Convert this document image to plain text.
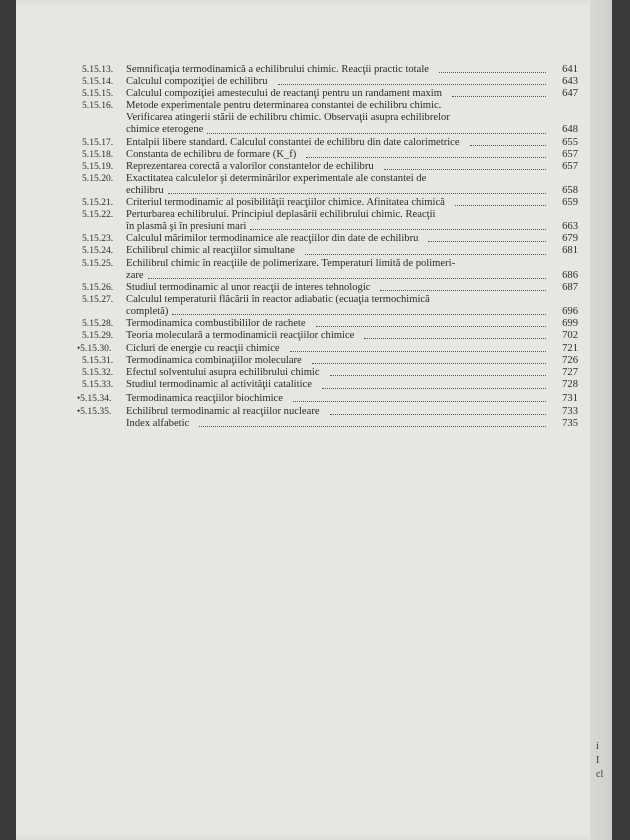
5.15.13.	Semnificaţia termodinamică a echilibrului chimic. Reacţii practic totale	641
5.15.14.	Calculul compoziţiei de echilibru	643
5.15.15.	Calculul compoziţiei amestecului de reactanţi pentru un randament maxim	647
5.15.16.	Metode experimentale pentru determinarea constantei de echilibru chimic.
Verificarea atingerii stării de echilibru chimic. Observaţii asupra echilibrelor
chimice eterogene	648
5.15.17.	Entalpii libere standard. Calculul constantei de echilibru din date calorimetrice	655
5.15.18.	Constanta de echilibru de formare (K_f)	657
5.15.19.	Reprezentarea corectă a valorilor constantelor de echilibru	657
5.15.20.	Exactitatea calculelor şi determinărilor experimentale ale constantei de
echilibru	658
5.15.21.	Criteriul termodinamic al posibilităţii reacţiilor chimice. Afinitatea chimică	659
5.15.22.	Perturbarea echilibrului. Principiul deplasării echilibrului chimic. Reacţii
în plasmă şi în presiuni mari	663
5.15.23.	Calculul mărimilor termodinamice ale reacţiilor din date de echilibru	679
5.15.24.	Echilibrul chimic al reacţiilor simultane	681
5.15.25.	Echilibrul chimic în reacţiile de polimerizare. Temperaturi limită de polimeri-
zare	686
5.15.26.	Studiul termodinamic al unor reacţii de interes tehnologic	687
5.15.27.	Calculul temperaturii flăcării în reactor adiabatic (ecuaţia termochimică
completă)	696
5.15.28.	Termodinamica combustibililor de rachete	699
5.15.29.	Teoria moleculară a termodinamicii reacţiilor chimice	702
•5.15.30.	Cicluri de energie cu reacţii chimice	721
5.15.31.	Termodinamica combinaţiilor moleculare	726
5.15.32.	Efectul solventului asupra echilibrului chimic	727
5.15.33.	Studiul termodinamic al activităţii catalitice	728
•5.15.34.	Termodinamica reacţiilor biochimice	731
•5.15.35.	Echilibrul termodinamic al reacţiilor nucleare	733
Index alfabetic	735
i
I
cl
